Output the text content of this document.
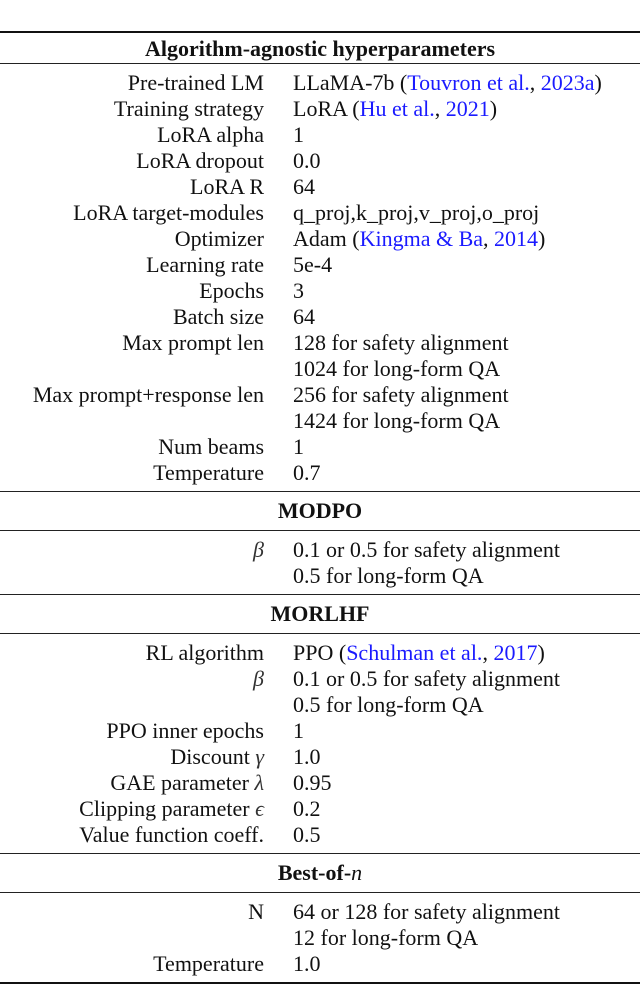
Algorithm-agnostic hyperparameters
Pre-trained LM LLaMA-7b (Touvron et al., 2023a)
Training strategy LoRA (Hu et al., 2021)
LoRA alpha 1
LoRA dropout 0.0
LoRA R 64
LoRA target-modules q_proj,k_proj,v_proj,o_proj
Optimizer Adam (Kingma & Ba, 2014)
Learning rate 5e-4
Epochs 3
Batch size 64
Max prompt len 128 for safety alignment
1024 for long-form QA
Max prompt+response len 256 for safety alignment
1424 for long-form QA
Num beams 1
Temperature 0.7
MODPO
β 0.1 or 0.5 for safety alignment
0.5 for long-form QA
MORLHF
RL algorithm PPO (Schulman et al., 2017)
β 0.1 or 0.5 for safety alignment
0.5 for long-form QA
PPO inner epochs 1
Discount γ 1.0
GAE parameter λ 0.95
Clipping parameter ϵ 0.2
Value function coeff. 0.5
Best-of-n
N 64 or 128 for safety alignment
12 for long-form QA
Temperature 1.0
